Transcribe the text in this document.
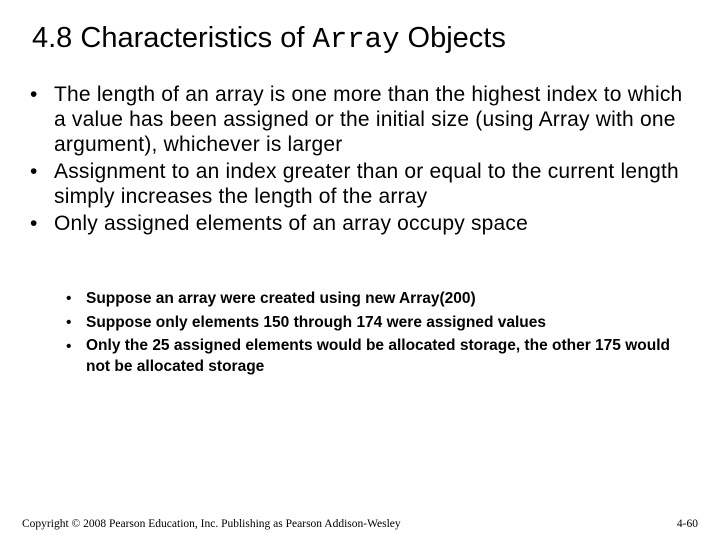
4.8 Characteristics of Array Objects
• The length of an array is one more than the highest index to which a value has been assigned or the initial size (using Array with one argument), whichever is larger
• Assignment to an index greater than or equal to the current length simply increases the length of the array
• Only assigned elements of an array occupy space
• Suppose an array were created using new Array(200)
• Suppose only elements 150 through 174 were assigned values
• Only the 25 assigned elements would be allocated storage, the other 175 would not be allocated storage
Copyright © 2008 Pearson Education, Inc. Publishing as Pearson Addison-Wesley	4-60
